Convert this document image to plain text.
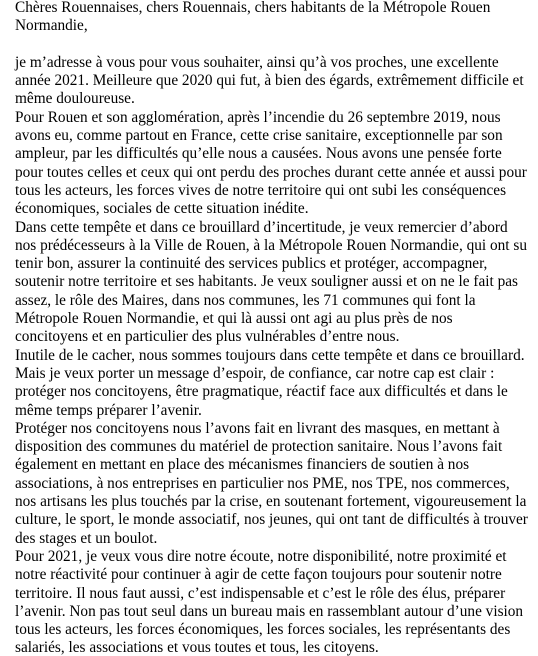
Chères Rouennaises, chers Rouennais, chers habitants de la Métropole Rouen Normandie,

je m’adresse à vous pour vous souhaiter, ainsi qu’à vos proches, une excellente année 2021. Meilleure que 2020 qui fut, à bien des égards, extrêmement difficile et même douloureuse.

Pour Rouen et son agglomération, après l’incendie du 26 septembre 2019, nous avons eu, comme partout en France, cette crise sanitaire, exceptionnelle par son ampleur, par les difficultés qu’elle nous a causées. Nous avons une pensée forte pour toutes celles et ceux qui ont perdu des proches durant cette année et aussi pour tous les acteurs, les forces vives de notre territoire qui ont subi les conséquences économiques, sociales de cette situation inédite.

Dans cette tempête et dans ce brouillard d’incertitude, je veux remercier d’abord nos prédécesseurs à la Ville de Rouen, à la Métropole Rouen Normandie, qui ont su tenir bon, assurer la continuité des services publics et protéger, accompagner, soutenir notre territoire et ses habitants. Je veux souligner aussi et on ne le fait pas assez, le rôle des Maires, dans nos communes, les 71 communes qui font la Métropole Rouen Normandie, et qui là aussi ont agi au plus près de nos concitoyens et en particulier des plus vulnérables d’entre nous.

Inutile de le cacher, nous sommes toujours dans cette tempête et dans ce brouillard. Mais je veux porter un message d’espoir, de confiance, car notre cap est clair : protéger nos concitoyens, être pragmatique, réactif face aux difficultés et dans le même temps préparer l’avenir.

Protéger nos concitoyens nous l’avons fait en livrant des masques, en mettant à disposition des communes du matériel de protection sanitaire. Nous l’avons fait également en mettant en place des mécanismes financiers de soutien à nos associations, à nos entreprises en particulier nos PME, nos TPE, nos commerces, nos artisans les plus touchés par la crise, en soutenant fortement, vigoureusement la culture, le sport, le monde associatif, nos jeunes, qui ont tant de difficultés à trouver des stages et un boulot.

Pour 2021, je veux vous dire notre écoute, notre disponibilité, notre proximité et notre réactivité pour continuer à agir de cette façon toujours pour soutenir notre territoire. Il nous faut aussi, c’est indispensable et c’est le rôle des élus, préparer l’avenir. Non pas tout seul dans un bureau mais en rassemblant autour d’une vision tous les acteurs, les forces économiques, les forces sociales, les représentants des salariés, les associations et vous toutes et tous, les citoyens.
